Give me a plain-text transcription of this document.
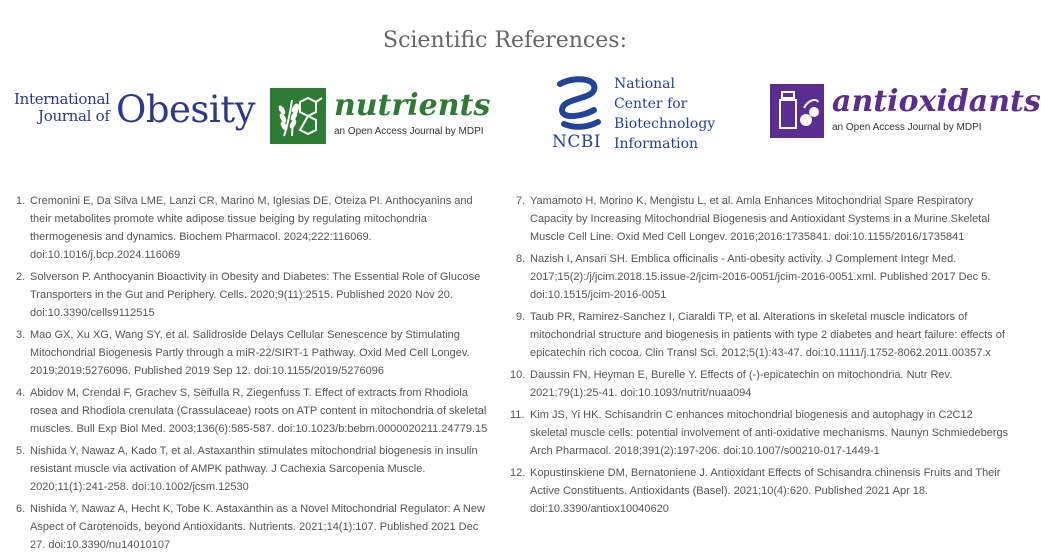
Scientific References:
International
Journal of Obesity	nutrients
an Open Access Journal by MDPI
NCBI
National
Center for
Biotechnology
Information
antioxidants
an Open Access Journal by MDPI
1. Cremonini E, Da Silva LME, Lanzi CR, Marino M, Iglesias DE, Oteiza PI. Anthocyanins and their metabolites promote white adipose tissue beiging by regulating mitochondria thermogenesis and dynamics. Biochem Pharmacol. 2024;222:116069. doi:10.1016/j.bcp.2024.116069
2. Solverson P. Anthocyanin Bioactivity in Obesity and Diabetes: The Essential Role of Glucose Transporters in the Gut and Periphery. Cells. 2020;9(11):2515. Published 2020 Nov 20. doi:10.3390/cells9112515
3. Mao GX, Xu XG, Wang SY, et al. Salidroside Delays Cellular Senescence by Stimulating Mitochondrial Biogenesis Partly through a miR-22/SIRT-1 Pathway. Oxid Med Cell Longev. 2019;2019:5276096. Published 2019 Sep 12. doi:10.1155/2019/5276096
4. Abidov M, Crendal F, Grachev S, Seifulla R, Ziegenfuss T. Effect of extracts from Rhodiola rosea and Rhodiola crenulata (Crassulaceae) roots on ATP content in mitochondria of skeletal muscles. Bull Exp Biol Med. 2003;136(6):585-587. doi:10.1023/b:bebm.0000020211.24779.15
5. Nishida Y, Nawaz A, Kado T, et al. Astaxanthin stimulates mitochondrial biogenesis in insulin resistant muscle via activation of AMPK pathway. J Cachexia Sarcopenia Muscle. 2020;11(1):241-258. doi:10.1002/jcsm.12530
6. Nishida Y, Nawaz A, Hecht K, Tobe K. Astaxanthin as a Novel Mitochondrial Regulator: A New Aspect of Carotenoids, beyond Antioxidants. Nutrients. 2021;14(1):107. Published 2021 Dec 27. doi:10.3390/nu14010107
7. Yamamoto H, Morino K, Mengistu L, et al. Amla Enhances Mitochondrial Spare Respiratory Capacity by Increasing Mitochondrial Biogenesis and Antioxidant Systems in a Murine Skeletal Muscle Cell Line. Oxid Med Cell Longev. 2016;2016:1735841. doi:10.1155/2016/1735841
8. Nazish I, Ansari SH. Emblica officinalis - Anti-obesity activity. J Complement Integr Med. 2017;15(2):/j/jcim.2018.15.issue-2/jcim-2016-0051/jcim-2016-0051.xml. Published 2017 Dec 5. doi:10.1515/jcim-2016-0051
9. Taub PR, Ramirez-Sanchez I, Ciaraldi TP, et al. Alterations in skeletal muscle indicators of mitochondrial structure and biogenesis in patients with type 2 diabetes and heart failure: effects of epicatechin rich cocoa. Clin Transl Sci. 2012;5(1):43-47. doi:10.1111/j.1752-8062.2011.00357.x
10. Daussin FN, Heyman E, Burelle Y. Effects of (-)-epicatechin on mitochondria. Nutr Rev. 2021;79(1):25-41. doi:10.1093/nutrit/nuaa094
11. Kim JS, Yi HK. Schisandrin C enhances mitochondrial biogenesis and autophagy in C2C12 skeletal muscle cells: potential involvement of anti-oxidative mechanisms. Naunyn Schmiedebergs Arch Pharmacol. 2018;391(2):197-206. doi:10.1007/s00210-017-1449-1
12. Kopustinskiene DM, Bernatoniene J. Antioxidant Effects of Schisandra chinensis Fruits and Their Active Constituents. Antioxidants (Basel). 2021;10(4):620. Published 2021 Apr 18. doi:10.3390/antiox10040620
